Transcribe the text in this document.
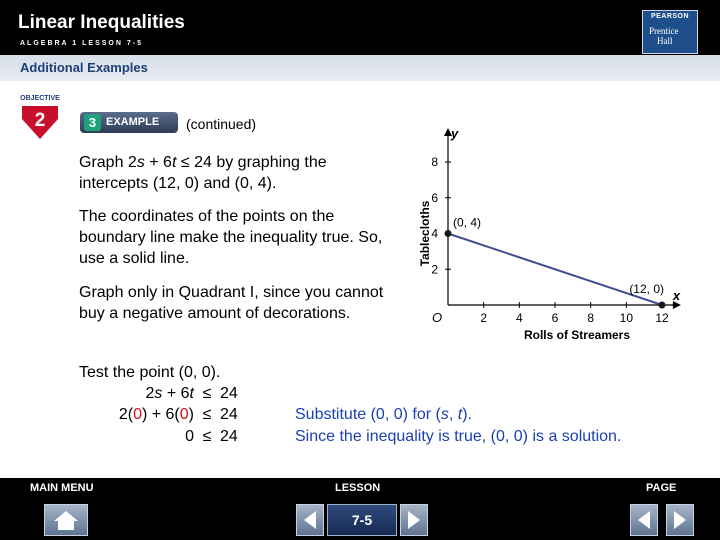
Linear Inequalities
ALGEBRA 1 LESSON 7-5
PEARSON
Prentice
Hall
Additional Examples
OBJECTIVE
2	3 EXAMPLE (continued)
Graph 2s + 6t ≤ 24 by graphing the intercepts (12, 0) and (0, 4).
The coordinates of the points on the boundary line make the inequality true. So, use a solid line.
Graph only in Quadrant I, since you cannot buy a negative amount of decorations.
Test the point (0, 0).
2s + 6t ≤ 24
2(0) + 6(0) ≤ 24
0 ≤ 24
Substitute (0, 0) for (s, t).
Since the inequality is true, (0, 0) is a solution.
2 4 6 8 10 12
2
4
6
8
y
x
O
Rolls of Streamers
Tablecloths (0, 4)
(12, 0)
MAIN MENU	LESSON	PAGE
7-5
